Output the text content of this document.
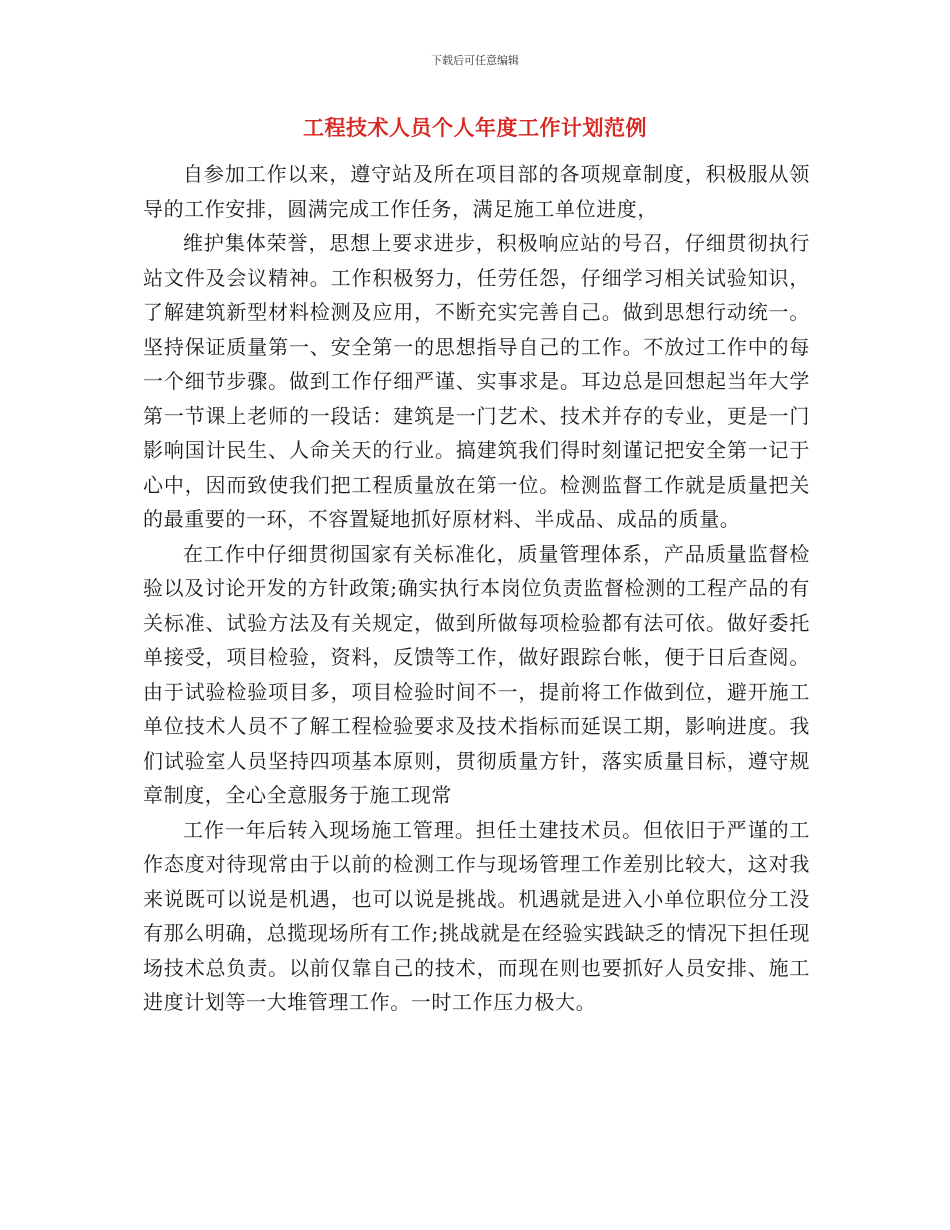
下载后可任意编辑
工程技术人员个人年度工作计划范例

自参加工作以来，遵守站及所在项目部的各项规章制度，积极服从领导的工作安排，圆满完成工作任务，满足施工单位进度，

维护集体荣誉，思想上要求进步，积极响应站的号召，仔细贯彻执行站文件及会议精神。工作积极努力，任劳任怨，仔细学习相关试验知识，了解建筑新型材料检测及应用，不断充实完善自己。做到思想行动统一。坚持保证质量第一、安全第一的思想指导自己的工作。不放过工作中的每一个细节步骤。做到工作仔细严谨、实事求是。耳边总是回想起当年大学第一节课上老师的一段话：建筑是一门艺术、技术并存的专业，更是一门影响国计民生、人命关天的行业。搞建筑我们得时刻谨记把安全第一记于心中，因而致使我们把工程质量放在第一位。检测监督工作就是质量把关的最重要的一环，不容置疑地抓好原材料、半成品、成品的质量。

在工作中仔细贯彻国家有关标准化，质量管理体系，产品质量监督检验以及讨论开发的方针政策;确实执行本岗位负责监督检测的工程产品的有关标准、试验方法及有关规定，做到所做每项检验都有法可依。做好委托单接受，项目检验，资料，反馈等工作，做好跟踪台帐，便于日后查阅。由于试验检验项目多，项目检验时间不一，提前将工作做到位，避开施工单位技术人员不了解工程检验要求及技术指标而延误工期，影响进度。我们试验室人员坚持四项基本原则，贯彻质量方针，落实质量目标，遵守规章制度，全心全意服务于施工现常

工作一年后转入现场施工管理。担任土建技术员。但依旧于严谨的工作态度对待现常由于以前的检测工作与现场管理工作差别比较大，这对我来说既可以说是机遇，也可以说是挑战。机遇就是进入小单位职位分工没有那么明确，总揽现场所有工作;挑战就是在经验实践缺乏的情况下担任现场技术总负责。以前仅靠自己的技术，而现在则也要抓好人员安排、施工进度计划等一大堆管理工作。一时工作压力极大。
